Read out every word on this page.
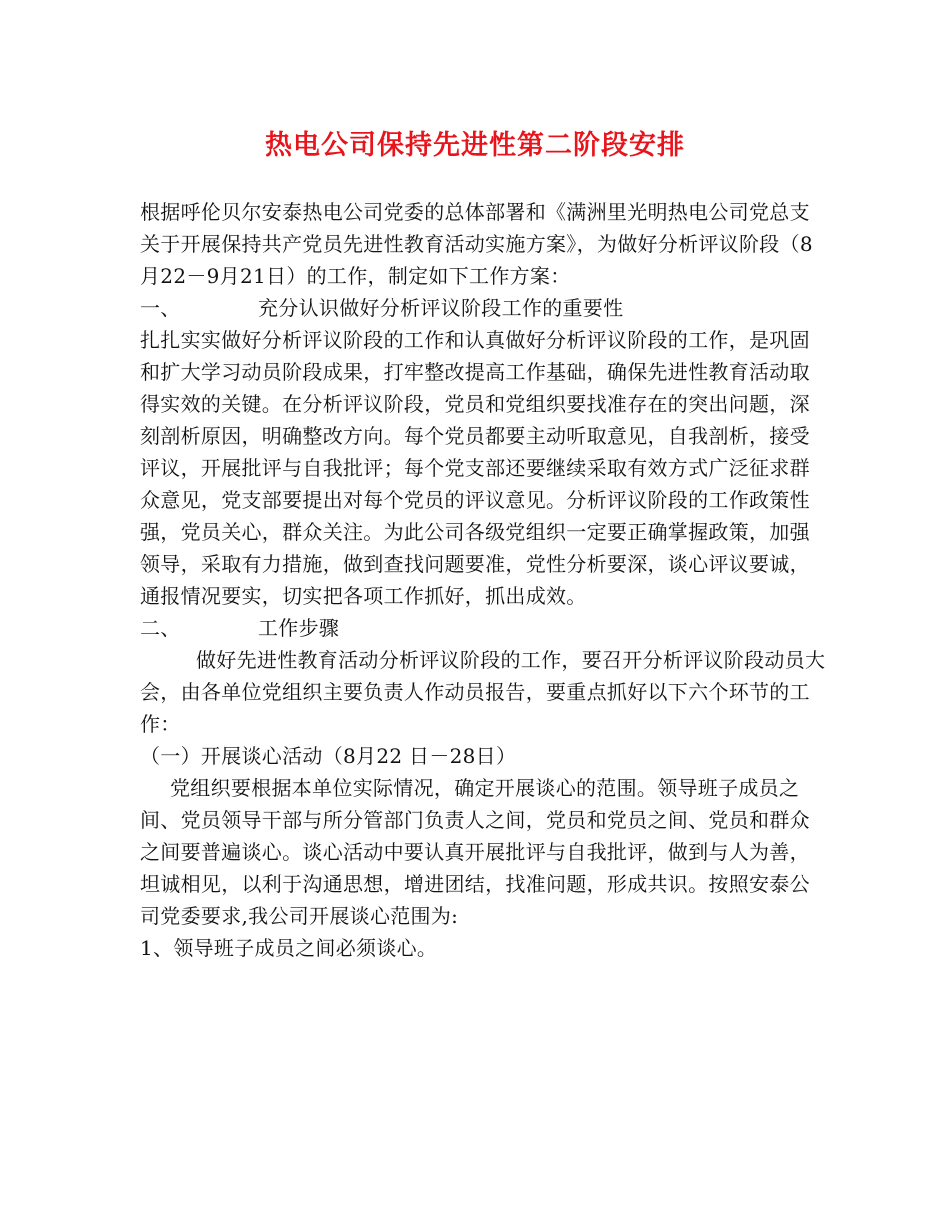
热电公司保持先进性第二阶段安排

根据呼伦贝尔安泰热电公司党委的总体部署和《满洲里光明热电公司党总支关于开展保持共产党员先进性教育活动实施方案》，为做好分析评议阶段（8月22－9月21日）的工作，制定如下工作方案：

一、	充分认识做好分析评议阶段工作的重要性

扎扎实实做好分析评议阶段的工作和认真做好分析评议阶段的工作，是巩固和扩大学习动员阶段成果，打牢整改提高工作基础，确保先进性教育活动取得实效的关键。在分析评议阶段，党员和党组织要找准存在的突出问题，深刻剖析原因，明确整改方向。每个党员都要主动听取意见，自我剖析，接受评议，开展批评与自我批评；每个党支部还要继续采取有效方式广泛征求群众意见，党支部要提出对每个党员的评议意见。分析评议阶段的工作政策性强，党员关心，群众关注。为此公司各级党组织一定要正确掌握政策，加强领导，采取有力措施，做到查找问题要准，党性分析要深，谈心评议要诚，通报情况要实，切实把各项工作抓好，抓出成效。

二、	工作步骤

做好先进性教育活动分析评议阶段的工作，要召开分析评议阶段动员大会，由各单位党组织主要负责人作动员报告，要重点抓好以下六个环节的工作：

（一）开展谈心活动（8月22 日－28日）

党组织要根据本单位实际情况，确定开展谈心的范围。领导班子成员之间、党员领导干部与所分管部门负责人之间，党员和党员之间、党员和群众之间要普遍谈心。谈心活动中要认真开展批评与自我批评，做到与人为善，坦诚相见，以利于沟通思想，增进团结，找准问题，形成共识。按照安泰公司党委要求,我公司开展谈心范围为:

1、领导班子成员之间必须谈心。
